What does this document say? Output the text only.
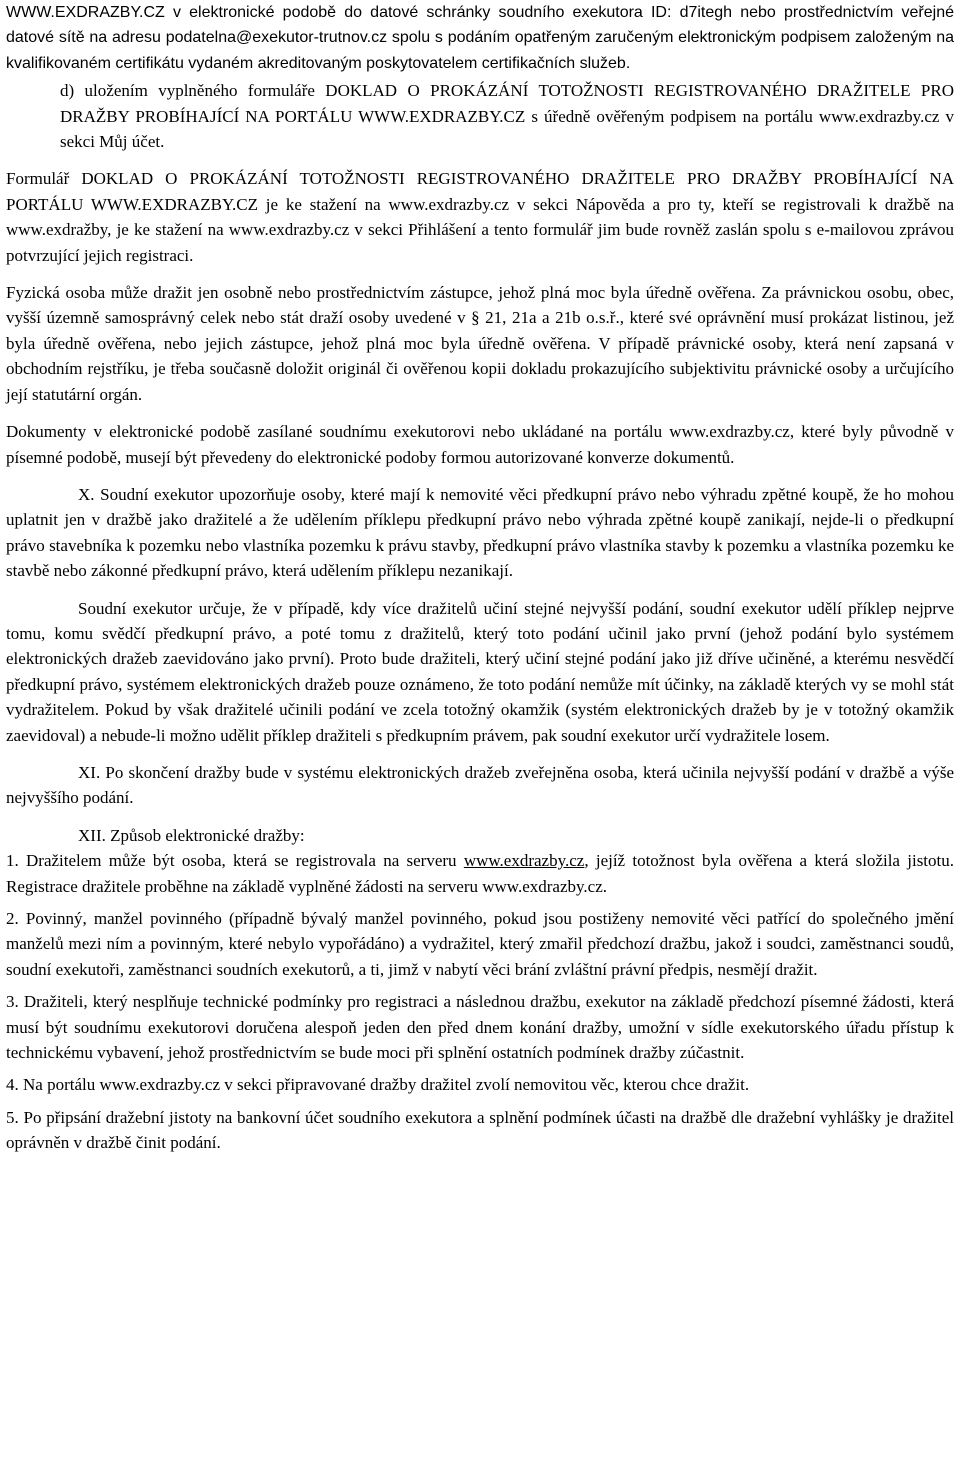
WWW.EXDRAZBY.CZ v elektronické podobě do datové schránky soudního exekutora ID: d7itegh nebo prostřednictvím veřejné datové sítě na adresu podatelna@exekutor-trutnov.cz spolu s podáním opatřeným zaručeným elektronickým podpisem založeným na kvalifikovaném certifikátu vydaném akreditovaným poskytovatelem certifikačních služeb.

d) uložením vyplněného formuláře DOKLAD O PROKÁZÁNÍ TOTOŽNOSTI REGISTROVANÉHO DRAŽITELE PRO DRAŽBY PROBÍHAJÍCÍ NA PORTÁLU WWW.EXDRAZBY.CZ s úředně ověřeným podpisem na portálu www.exdrazby.cz v sekci Můj účet.

Formulář DOKLAD O PROKÁZÁNÍ TOTOŽNOSTI REGISTROVANÉHO DRAŽITELE PRO DRAŽBY PROBÍHAJÍCÍ NA PORTÁLU WWW.EXDRAZBY.CZ je ke stažení na www.exdrazby.cz v sekci Nápověda a pro ty, kteří se registrovali k dražbě na www.exdražby, je ke stažení na www.exdrazby.cz v sekci Přihlášení a tento formulář jim bude rovněž zaslán spolu s e-mailovou zprávou potvrzující jejich registraci.

Fyzická osoba může dražit jen osobně nebo prostřednictvím zástupce, jehož plná moc byla úředně ověřena. Za právnickou osobu, obec, vyšší územně samosprávný celek nebo stát draží osoby uvedené v § 21, 21a a 21b o.s.ř., které své oprávnění musí prokázat listinou, jež byla úředně ověřena, nebo jejich zástupce, jehož plná moc byla úředně ověřena. V případě právnické osoby, která není zapsaná v obchodním rejstříku, je třeba současně doložit originál či ověřenou kopii dokladu prokazujícího subjektivitu právnické osoby a určujícího její statutární orgán.

Dokumenty v elektronické podobě zasílané soudnímu exekutorovi nebo ukládané na portálu www.exdrazby.cz, které byly původně v písemné podobě, musejí být převedeny do elektronické podoby formou autorizované konverze dokumentů.

X. Soudní exekutor upozorňuje osoby, které mají k nemovité věci předkupní právo nebo výhradu zpětné koupě, že ho mohou uplatnit jen v dražbě jako dražitelé a že udělením příklepu předkupní právo nebo výhrada zpětné koupě zanikají, nejde-li o předkupní právo stavebníka k pozemku nebo vlastníka pozemku k právu stavby, předkupní právo vlastníka stavby k pozemku a vlastníka pozemku ke stavbě nebo zákonné předkupní právo, která udělením příklepu nezanikají.

Soudní exekutor určuje, že v případě, kdy více dražitelů učiní stejné nejvyšší podání, soudní exekutor udělí příklep nejprve tomu, komu svědčí předkupní právo, a poté tomu z dražitelů, který toto podání učinil jako první (jehož podání bylo systémem elektronických dražeb zaevidováno jako první). Proto bude dražiteli, který učiní stejné podání jako již dříve učiněné, a kterému nesvědčí předkupní právo, systémem elektronických dražeb pouze oznámeno, že toto podání nemůže mít účinky, na základě kterých vy se mohl stát vydražitelem. Pokud by však dražitelé učinili podání ve zcela totožný okamžik (systém elektronických dražeb by je v totožný okamžik zaevidoval) a nebude-li možno udělit příklep dražiteli s předkupním právem, pak soudní exekutor určí vydražitele losem.

XI. Po skončení dražby bude v systému elektronických dražeb zveřejněna osoba, která učinila nejvyšší podání v dražbě a výše nejvyššího podání.

XII. Způsob elektronické dražby:

1. Dražitelem může být osoba, která se registrovala na serveru www.exdrazby.cz, jejíž totožnost byla ověřena a která složila jistotu. Registrace dražitele proběhne na základě vyplněné žádosti na serveru www.exdrazby.cz.

2. Povinný, manžel povinného (případně bývalý manžel povinného, pokud jsou postiženy nemovité věci patřící do společného jmění manželů mezi ním a povinným, které nebylo vypořádáno) a vydražitel, který zmařil předchozí dražbu, jakož i soudci, zaměstnanci soudů, soudní exekutoři, zaměstnanci soudních exekutorů, a ti, jimž v nabytí věci brání zvláštní právní předpis, nesmějí dražit.

3. Dražiteli, který nesplňuje technické podmínky pro registraci a následnou dražbu, exekutor na základě předchozí písemné žádosti, která musí být soudnímu exekutorovi doručena alespoň jeden den před dnem konání dražby, umožní v sídle exekutorského úřadu přístup k technickému vybavení, jehož prostřednictvím se bude moci při splnění ostatních podmínek dražby zúčastnit.

4. Na portálu www.exdrazby.cz v sekci připravované dražby dražitel zvolí nemovitou věc, kterou chce dražit.

5. Po připsání dražební jistoty na bankovní účet soudního exekutora a splnění podmínek účasti na dražbě dle dražební vyhlášky je dražitel oprávněn v dražbě činit podání.
